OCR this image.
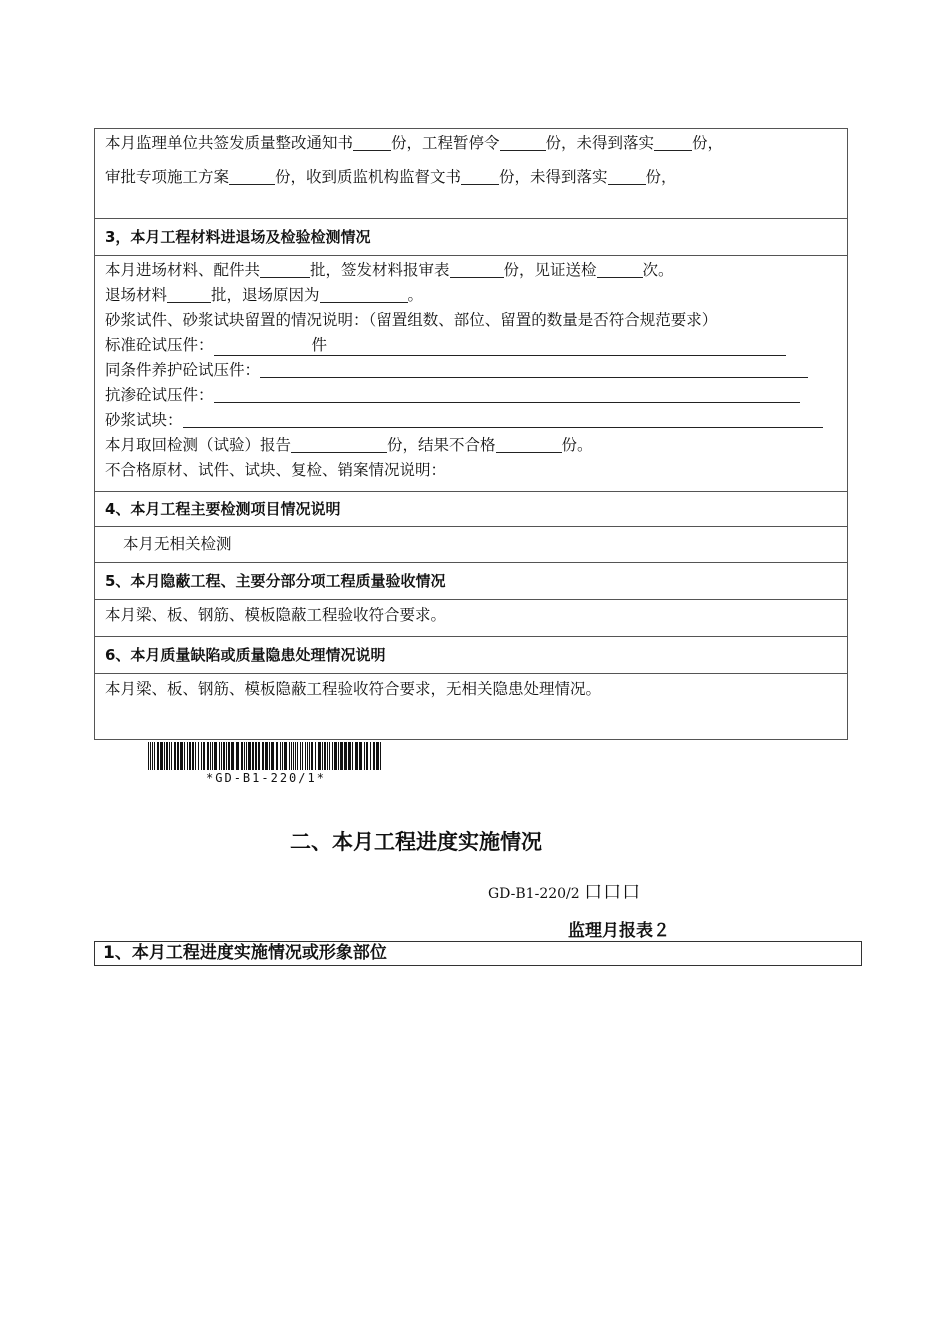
本月监理单位共签发质量整改通知书 份，工程暂停令	份，未得到落实 份，
审批专项施工方案	份，收到质监机构监督文书 份，未得到落实 份，
3，本月工程材料进退场及检验检测情况
本月进场材料、配件共	批，签发材料报审表	份，见证送检	次。
退场材料	批，退场原因为	。
砂浆试件、砂浆试块留置的情况说明：（留置组数、部位、留置的数量是否符合规范要求）
标准砼试压件：	件
同条件养护砼试压件：
抗渗砼试压件：
砂浆试块：
本月取回检测（试验）报告	份，结果不合格	份。
不合格原材、试件、试块、复检、销案情况说明：
4、本月工程主要检测项目情况说明
本月无相关检测
5、本月隐蔽工程、主要分部分项工程质量验收情况
本月梁、板、钢筋、模板隐蔽工程验收符合要求。
6、本月质量缺陷或质量隐患处理情况说明
本月梁、板、钢筋、模板隐蔽工程验收符合要求，无相关隐患处理情况。
*GD-B1-220/1*
二、本月工程进度实施情况
GD-B1-220/2 口口口
监理月报表２
1、本月工程进度实施情况或形象部位
